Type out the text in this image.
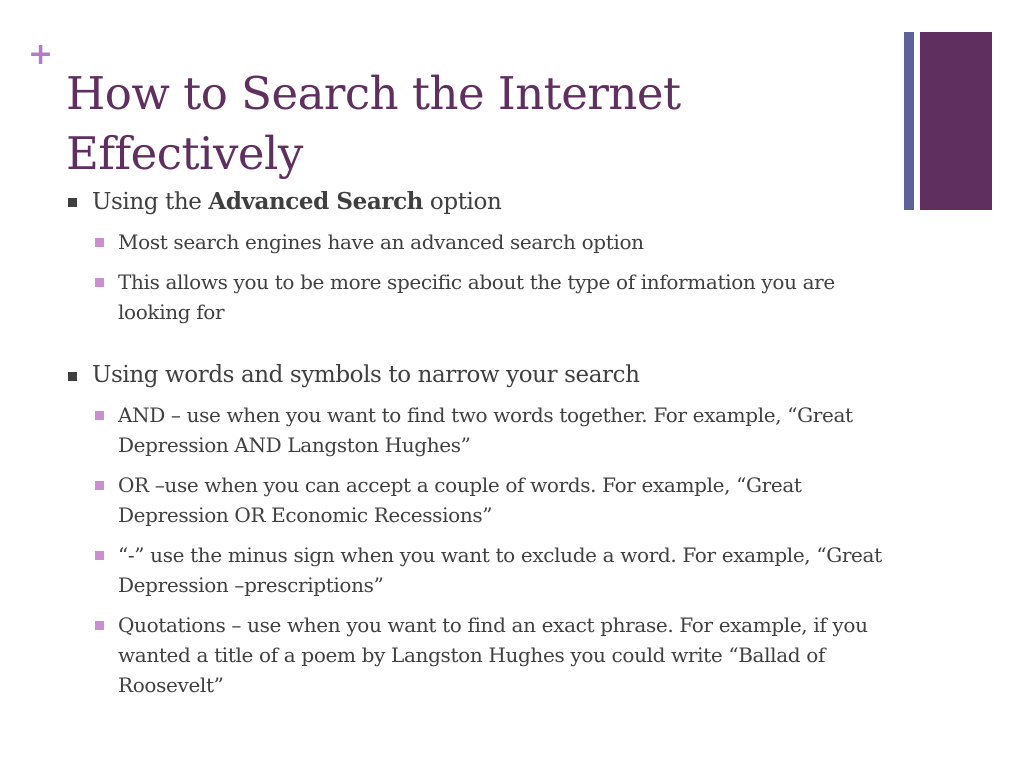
+
How to Search the Internet
Effectively
Using the Advanced Search option
Most search engines have an advanced search option
This allows you to be more specific about the type of information you are looking for
Using words and symbols to narrow your search
AND – use when you want to find two words together. For example, “Great Depression AND Langston Hughes”
OR –use when you can accept a couple of words. For example, “Great Depression OR Economic Recessions”
“-” use the minus sign when you want to exclude a word. For example, “Great Depression –prescriptions”
Quotations – use when you want to find an exact phrase. For example, if you wanted a title of a poem by Langston Hughes you could write “Ballad of Roosevelt”
